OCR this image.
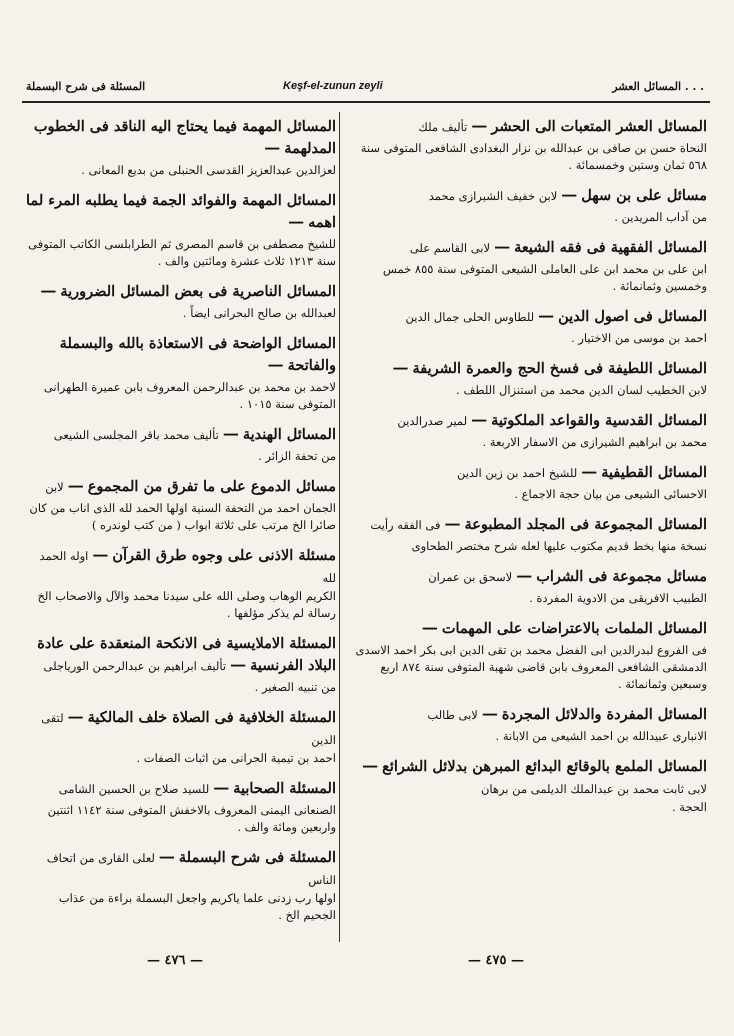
المسئلة فى شرح البسملة	Keşf-el-zunun zeyli	المسائل العشر . . .
المسائل العشر المتعبات الى الحشر—تأليف ملك
النحاة حسن بن صافى بن عبدالله بن نزار البغدادى الشافعى المتوفى سنة ٥٦٨ ثمان وستين وخمسمائة .
مسائل على بن سهل—لابن خفيف الشيرازى محمد
من آداب المريدين .
المسائل الفقهية فى فقه الشيعة—لابى القاسم على
ابن على بن محمد ابن على العاملى الشيعى المتوفى سنة ٨٥٥ خمس وخمسين وثمانمائة .
المسائل فى اصول الدين—للطاوس الحلى جمال الدين
احمد بن موسى من الاختيار .
المسائل اللطيفة فى فسخ الحج والعمرة الشريفة—
لابن الخطيب لسان الدين محمد من استنزال اللطف .
المسائل القدسية والقواعد الملكوتية—لمير صدرالدين
محمد بن ابراهيم الشيرازى من الاسفار الاربعة .
المسائل القطيفية—للشيخ احمد بن زين الدين
الاحسائى الشيعى من بيان حجة الاجماع .
المسائل المجموعة فى المجلد المطبوعة—فى الفقه رأيت
نسخة منها بخط قديم مكتوب عليها لعله شرح مختصر الطحاوى
مسائل مجموعة فى الشراب—لاسحق بن عمران
الطبيب الافريقى من الادوية المفردة .
المسائل الملمات بالاعتراضات على المهمات—
فى الفروع لبدرالدين ابى الفضل محمد بن تقى الدين ابى بكر احمد الاسدى الدمشقى الشافعى المعروف بابن قاضى شهبة المتوفى سنة ٨٧٤ اربع وسبعين وثمانمائة .
المسائل المفردة والدلائل المجردة—لابى طالب
الانبارى عبيدالله بن احمد الشيعى من الابانة .
المسائل الملمع بالوقائع البدائع المبرهن بدلائل الشرائع—لابى ثابت محمد بن عبدالملك الديلمى من برهان
الحجة .
المسائل المهمة فيما يحتاج اليه الناقد فى الخطوب المدلهمة—
لعزالدين عبدالعزيز القدسى الحنبلى من بديع المعانى .
المسائل المهمة والفوائد الجمة فيما يطلبه المرء لما اهمه—
للشيخ مصطفى بن قاسم المصرى ثم الطرابلسى الكاتب المتوفى سنة ١٢١٣ ثلاث عشرة ومائتين والف .
المسائل الناصرية فى بعض المسائل الضرورية—
لعبدالله بن صالح البحرانى ايضاً .
المسائل الواضحة فى الاستعاذة بالله والبسملة والفاتحة—
لاحمد بن محمد بن عبدالرحمن المعروف بابن عميرة الطهرانى المتوفى سنة ١٠١٥ .
المسائل الهندية—تأليف محمد باقر المجلسى الشيعى
من تحفة الزائر .
مسائل الدموع على ما تفرق من المجموع—لابن
الجمان احمد من التحفة السنية اولها الحمد لله الذى اناب من كان صائرا الخ مرتب على ثلاثة ابواب ( من كتب لوندره )
مسئلة الاذنى على وجوه طرق القرآن—اوله الحمد لله
الكريم الوهاب وصلى الله على سيدنا محمد والآل والاصحاب الخ رسالة لم يذكر مؤلفها .
المسئلة الاملايسية فى الانكحة المنعقدة على عادة البلاد الفرنسية—تأليف ابراهيم بن عبدالرحمن الورياجلى
من تنبيه الصغير .
المسئلة الخلافية فى الصلاة خلف المالكية—لتقى الدين
احمد بن تيمية الحرانى من اثبات الصفات .
المسئلة الصحابية—للسيد صلاح بن الحسين الشامى
الصنعانى اليمنى المعروف بالاخفش المتوفى سنة ١١٤٢ اثنتين واربعين ومائة والف .
المسئلة فى شرح البسملة—لعلى القارى من اتحاف الناس
اولها رب زدنى علما ياكريم واجعل البسملة براءة من عذاب الجحيم الخ .
— ٤٧٥ —
— ٤٧٦ —
